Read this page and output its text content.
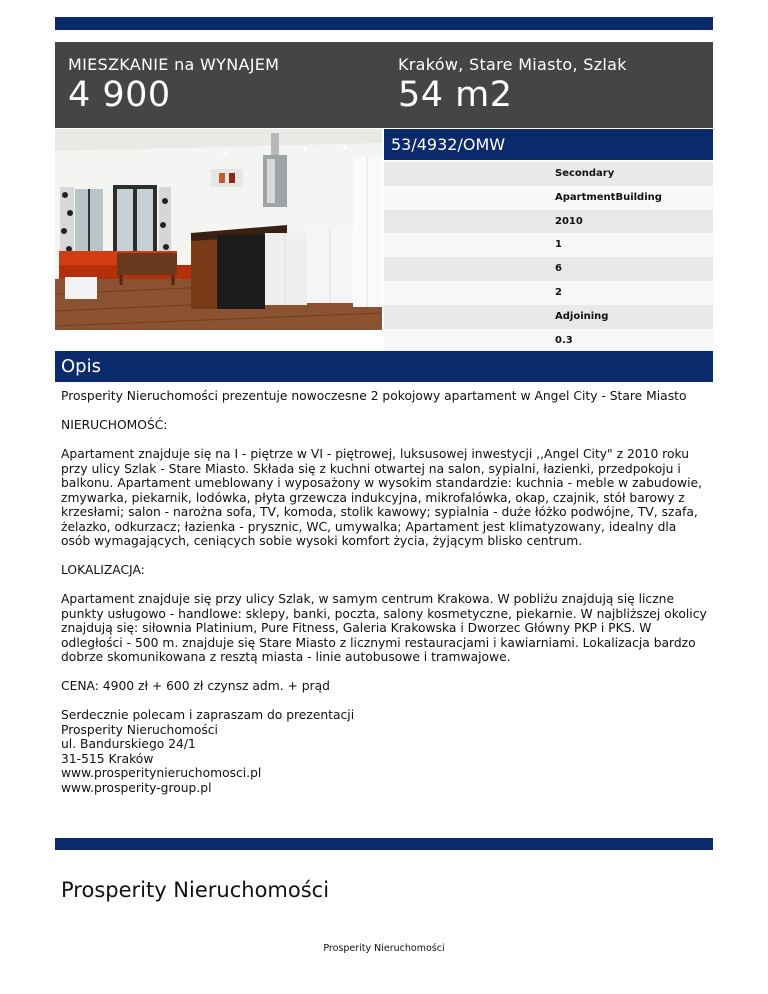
MIESZKANIE na WYNAJEM
4 900
Kraków, Stare Miasto, Szlak
54 m2
53/4932/OMW
Secondary
ApartmentBuilding
2010
1
6
2
Adjoining
0.3
Opis

Prosperity Nieruchomości prezentuje nowoczesne 2 pokojowy apartament w Angel City - Stare Miasto

NIERUCHOMOŚĆ:

Apartament znajduje się na I - piętrze w VI - piętrowej, luksusowej inwestycji ,,Angel City" z 2010 roku przy ulicy Szlak - Stare Miasto. Składa się z kuchni otwartej na salon, sypialni, łazienki, przedpokoju i balkonu. Apartament umeblowany i wyposażony w wysokim standardzie: kuchnia - meble w zabudowie, zmywarka, piekarnik, lodówka, płyta grzewcza indukcyjna, mikrofalówka, okap, czajnik, stół barowy z krzesłami; salon - narożna sofa, TV, komoda, stolik kawowy; sypialnia - duże łóżko podwójne, TV, szafa, żelazko, odkurzacz; łazienka - prysznic, WC, umywalka; Apartament jest klimatyzowany, idealny dla osób wymagających, ceniących sobie wysoki komfort życia, żyjącym blisko centrum.

LOKALIZACJA:

Apartament znajduje się przy ulicy Szlak, w samym centrum Krakowa. W pobliżu znajdują się liczne punkty usługowo - handlowe: sklepy, banki, poczta, salony kosmetyczne, piekarnie. W najbliższej okolicy znajdują się: siłownia Platinium, Pure Fitness, Galeria Krakowska i Dworzec Główny PKP i PKS. W odległości - 500 m. znajduje się Stare Miasto z licznymi restauracjami i kawiarniami. Lokalizacja bardzo dobrze skomunikowana z resztą miasta - linie autobusowe i tramwajowe.

CENA: 4900 zł + 600 zł czynsz adm. + prąd

Serdecznie polecam i zapraszam do prezentacji
Prosperity Nieruchomości
ul. Bandurskiego 24/1
31-515 Kraków
www.prosperitynieruchomosci.pl
www.prosperity-group.pl

Prosperity Nieruchomości
Prosperity Nieruchomości
